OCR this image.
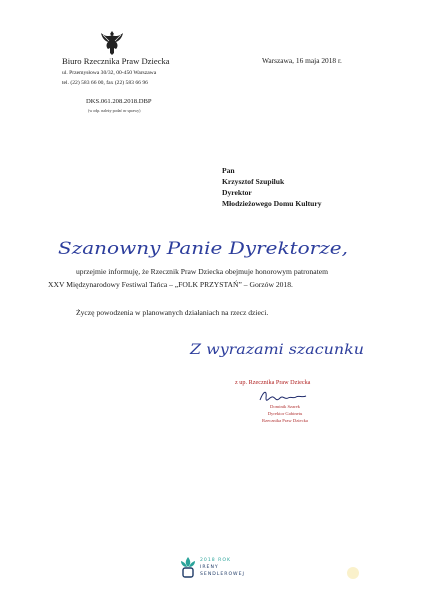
Biuro Rzecznika Praw Dziecka
ul. Przemysłowa 30/32, 00-450 Warszawa
tel. (22) 583 66 00, fax (22) 583 66 96
DKS.061.208.2018.DBP
(w odp. należy podać nr sprawy)
Warszawa, 16 maja 2018 r.
Pan
Krzysztof Szupiluk
Dyrektor
Młodzieżowego Domu Kultury
Szanowny Panie Dyrektorze,
uprzejmie informuję, że Rzecznik Praw Dziecka obejmuje honorowym patronatem
XXV Międzynarodowy Festiwal Tańca – „FOLK PRZYSTAŃ” – Gorzów 2018.
Życzę powodzenia w planowanych działaniach na rzecz dzieci.
Z wyrazami szacunku
z up. Rzecznika Praw Dziecka
Dominik Szarek
Dyrektor Gabinetu
Rzecznika Praw Dziecka
2018 ROK
IRENY
SENDLEROWEJ
